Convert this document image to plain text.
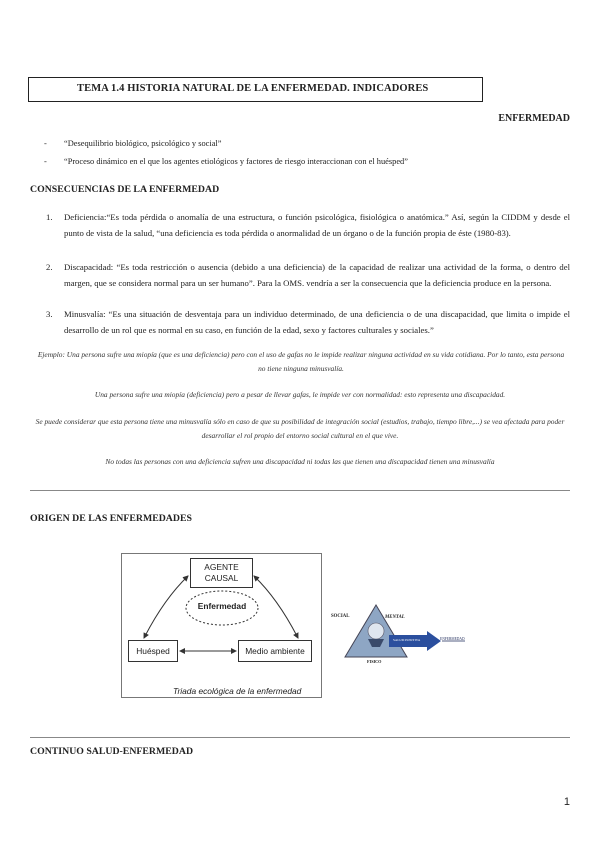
TEMA 1.4 HISTORIA NATURAL DE LA ENFERMEDAD. INDICADORES
ENFERMEDAD
- “Desequilibrio biológico, psicológico y social”
- “Proceso dinámico en el que los agentes etiológicos y factores de riesgo interaccionan con el huésped”
CONSECUENCIAS DE LA ENFERMEDAD
1. Deficiencia:“Es toda pérdida o anomalía de una estructura, o función psicológica, fisiológica o anatómica.” Así, según la CIDDM y desde el punto de vista de la salud, “una deficiencia es toda pérdida o anormalidad de un órgano o de la función propia de éste (1980-83).
2. Discapacidad: “Es toda restricción o ausencia (debido a una deficiencia) de la capacidad de realizar una actividad de la forma, o dentro del margen, que se considera normal para un ser humano”. Para la OMS. vendría a ser la consecuencia que la deficiencia produce en la persona.
3. Minusvalía: “Es una situación de desventaja para un individuo determinado, de una deficiencia o de una discapacidad, que limita o impide el desarrollo de un rol que es normal en su caso, en función de la edad, sexo y factores culturales y sociales.”
Ejemplo: Una persona sufre una miopía (que es una deficiencia) pero con el uso de gafas no le impide realizar ninguna actividad en su vida cotidiana. Por lo tanto, esta persona no tiene ninguna minusvalía.
Una persona sufre una miopía (deficiencia) pero a pesar de llevar gafas, le impide ver con normalidad: esto representa una discapacidad.
Se puede considerar que esta persona tiene una minusvalía sólo en caso de que su posibilidad de integración social (estudios, trabajo, tiempo libre,...) se vea afectada para poder desarrollar el rol propio del entorno social cultural en el que vive.
No todas las personas con una deficiencia sufren una discapacidad ni todas las que tienen una discapacidad tienen una minusvalía
ORIGEN DE LAS ENFERMEDADES
AGENTE CAUSAL
Enfermedad
Huésped	Medio ambiente
Triada ecológica de la enfermedad
SOCIAL	MENTAL
FISICO
SALUD POSITIVA	ENFERMEDAD
CONTINUO SALUD-ENFERMEDAD
1
